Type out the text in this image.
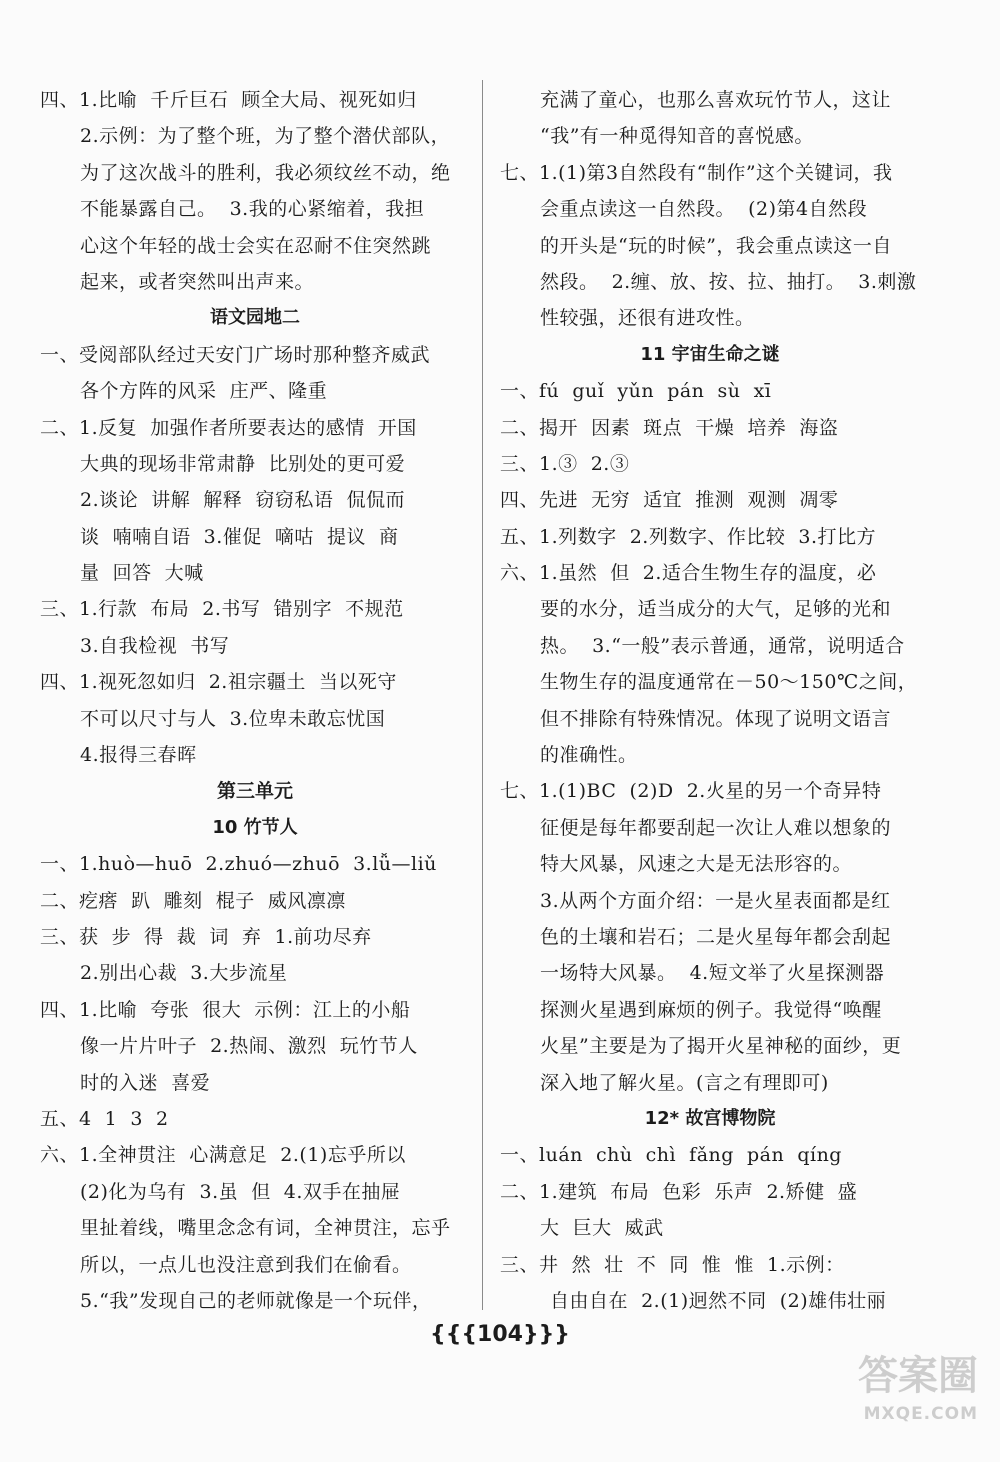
四、1.比喻  千斤巨石  顾全大局、视死如归
2.示例：为了整个班，为了整个潜伏部队，
为了这次战斗的胜利，我必须纹丝不动，绝
不能暴露自己。  3.我的心紧缩着，我担
心这个年轻的战士会实在忍耐不住突然跳
起来，或者突然叫出声来。
语文园地二
一、受阅部队经过天安门广场时那种整齐威武
各个方阵的风采  庄严、隆重
二、1.反复  加强作者所要表达的感情  开国
大典的现场非常肃静  比别处的更可爱
2.谈论  讲解  解释  窃窃私语  侃侃而
谈  喃喃自语  3.催促  嘀咕  提议  商
量  回答  大喊
三、1.行款  布局  2.书写  错别字  不规范
3.自我检视  书写
四、1.视死忽如归  2.祖宗疆土  当以死守
不可以尺寸与人  3.位卑未敢忘忧国
4.报得三春晖
第三单元
10 竹节人
一、1.huò—huō  2.zhuó—zhuō  3.lǚ—liǔ
二、疙瘩  趴  雕刻  棍子  威风凛凛
三、获  步  得  裁  词  弃  1.前功尽弃
2.别出心裁  3.大步流星
四、1.比喻  夸张  很大  示例：江上的小船
像一片片叶子  2.热闹、激烈  玩竹节人
时的入迷  喜爱
五、4  1  3  2
六、1.全神贯注  心满意足  2.(1)忘乎所以
(2)化为乌有  3.虽  但  4.双手在抽屉
里扯着线，嘴里念念有词，全神贯注，忘乎
所以，一点儿也没注意到我们在偷看。
5.“我”发现自己的老师就像是一个玩伴，
充满了童心，也那么喜欢玩竹节人，这让
“我”有一种觅得知音的喜悦感。
七、1.(1)第3自然段有“制作”这个关键词，我
会重点读这一自然段。  (2)第4自然段
的开头是“玩的时候”，我会重点读这一自
然段。  2.缠、放、按、拉、抽打。  3.刺激
性较强，还很有进攻性。
11 宇宙生命之谜
一、fú  guǐ  yǔn  pán  sù  xī
二、揭开  因素  斑点  干燥  培养  海盗
三、1.③  2.③
四、先进  无穷  适宜  推测  观测  凋零
五、1.列数字  2.列数字、作比较  3.打比方
六、1.虽然  但  2.适合生物生存的温度，必
要的水分，适当成分的大气，足够的光和
热。  3.“一般”表示普通，通常，说明适合
生物生存的温度通常在－50～150℃之间，
但不排除有特殊情况。体现了说明文语言
的准确性。
七、1.(1)BC  (2)D  2.火星的另一个奇异特
征便是每年都要刮起一次让人难以想象的
特大风暴，风速之大是无法形容的。
3.从两个方面介绍：一是火星表面都是红
色的土壤和岩石；二是火星每年都会刮起
一场特大风暴。  4.短文举了火星探测器
探测火星遇到麻烦的例子。我觉得“唤醒
火星”主要是为了揭开火星神秘的面纱，更
深入地了解火星。(言之有理即可)
12* 故宫博物院
一、luán  chù  chì  fǎng  pán  qíng
二、1.建筑  布局  色彩  乐声  2.矫健  盛
大  巨大  威武
三、井  然  壮  不  同  惟  惟  1.示例：
自由自在  2.(1)迥然不同  (2)雄伟壮丽
{{{104}}}
答案圈
MXQE.COM
